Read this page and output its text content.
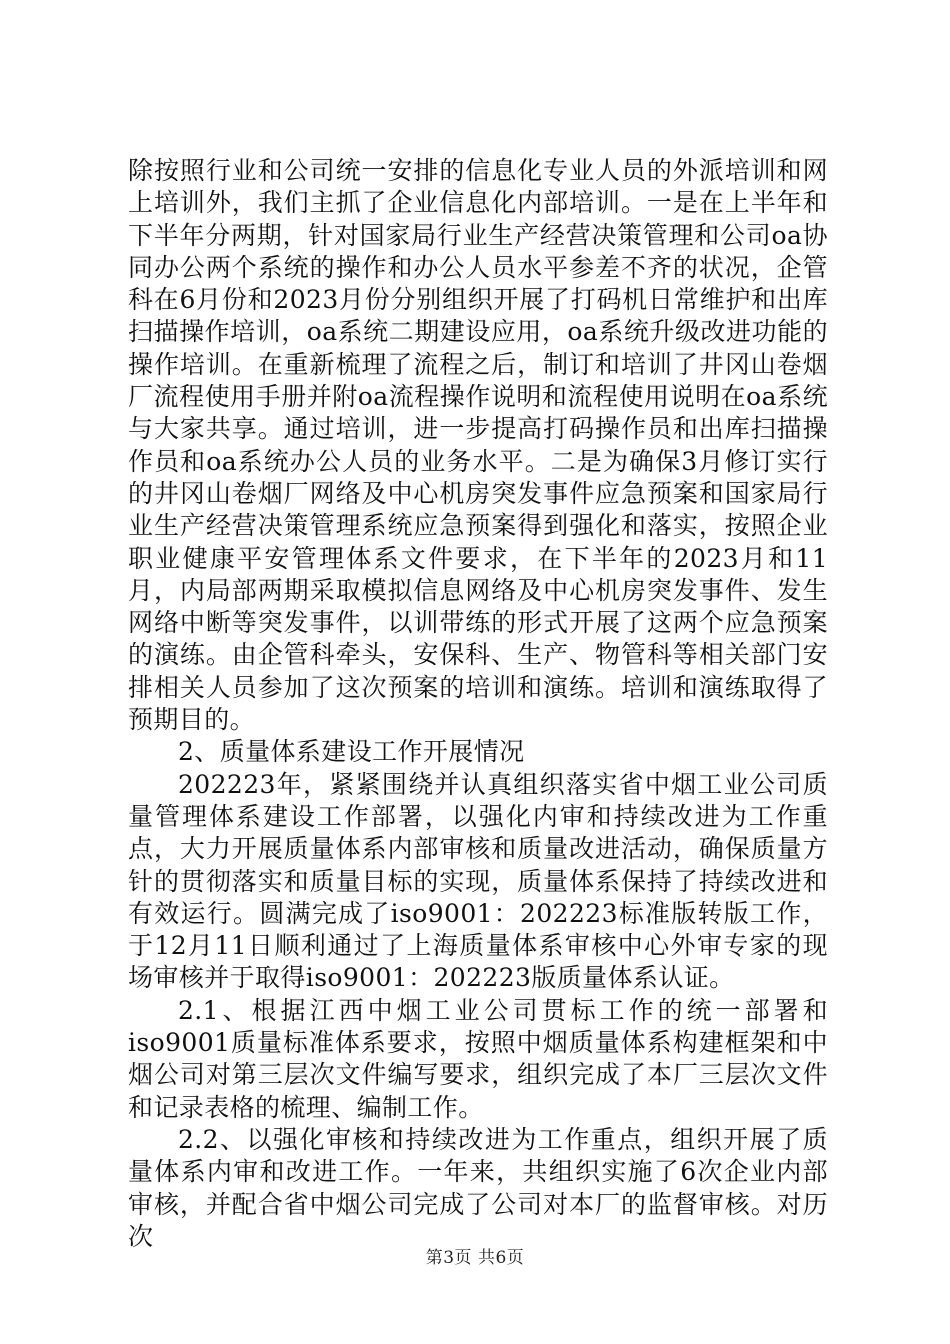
除按照行业和公司统一安排的信息化专业人员的外派培训和网上培训外，我们主抓了企业信息化内部培训。一是在上半年和下半年分两期，针对国家局行业生产经营决策管理和公司oa协同办公两个系统的操作和办公人员水平参差不齐的状况，企管科在6月份和2023月份分别组织开展了打码机日常维护和出库扫描操作培训，oa系统二期建设应用，oa系统升级改进功能的操作培训。在重新梳理了流程之后，制订和培训了井冈山卷烟厂流程使用手册并附oa流程操作说明和流程使用说明在oa系统与大家共享。通过培训，进一步提高打码操作员和出库扫描操作员和oa系统办公人员的业务水平。二是为确保3月修订实行的井冈山卷烟厂网络及中心机房突发事件应急预案和国家局行业生产经营决策管理系统应急预案得到强化和落实，按照企业职业健康平安管理体系文件要求，在下半年的2023月和11月，内局部两期采取模拟信息网络及中心机房突发事件、发生网络中断等突发事件，以训带练的形式开展了这两个应急预案的演练。由企管科牵头，安保科、生产、物管科等相关部门安排相关人员参加了这次预案的培训和演练。培训和演练取得了预期目的。

2、质量体系建设工作开展情况

202223年，紧紧围绕并认真组织落实省中烟工业公司质量管理体系建设工作部署，以强化内审和持续改进为工作重点，大力开展质量体系内部审核和质量改进活动，确保质量方针的贯彻落实和质量目标的实现，质量体系保持了持续改进和有效运行。圆满完成了iso9001：202223标准版转版工作，于12月11日顺利通过了上海质量体系审核中心外审专家的现场审核并于取得iso9001：202223版质量体系认证。

2.1、根据江西中烟工业公司贯标工作的统一部署和iso9001质量标准体系要求，按照中烟质量体系构建框架和中烟公司对第三层次文件编写要求，组织完成了本厂三层次文件和记录表格的梳理、编制工作。

2.2、以强化审核和持续改进为工作重点，组织开展了质量体系内审和改进工作。一年来，共组织实施了6次企业内部审核，并配合省中烟公司完成了公司对本厂的监督审核。对历次

第3页 共6页
